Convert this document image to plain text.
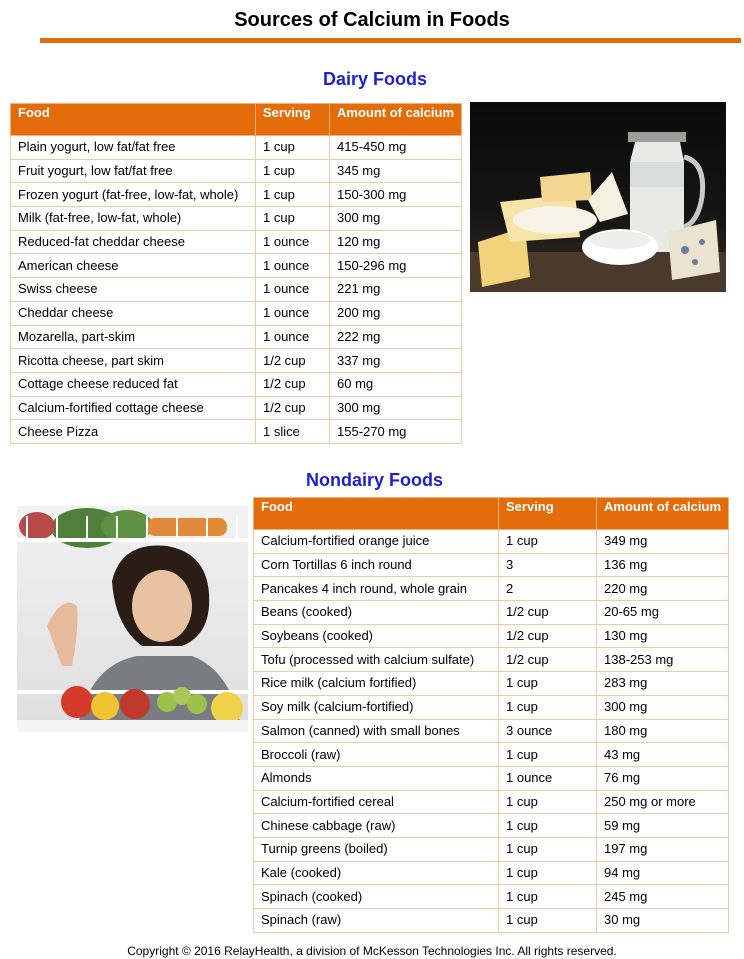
Sources of Calcium in Foods
Dairy Foods
Food	Serving	Amount of calcium
Plain yogurt, low fat/fat free	1 cup	415-450 mg
Fruit yogurt, low fat/fat free	1 cup	345 mg
Frozen yogurt (fat-free, low-fat, whole)	1 cup	150-300 mg
Milk (fat-free, low-fat, whole)	1 cup	300 mg
Reduced-fat cheddar cheese	1 ounce	120 mg
American cheese	1 ounce	150-296 mg
Swiss cheese	1 ounce	221 mg
Cheddar cheese	1 ounce	200 mg
Mozarella, part-skim	1 ounce	222 mg
Ricotta cheese, part skim	1/2 cup	337 mg
Cottage cheese reduced fat	1/2 cup	60 mg
Calcium-fortified cottage cheese	1/2 cup	300 mg
Cheese Pizza	1 slice	155-270 mg
Nondairy Foods
Food	Serving	Amount of calcium
Calcium-fortified orange juice	1 cup	349 mg
Corn Tortillas 6 inch round	3	136 mg
Pancakes 4 inch round, whole grain	2	220 mg
Beans (cooked)	1/2 cup	20-65 mg
Soybeans (cooked)	1/2 cup	130 mg
Tofu (processed with calcium sulfate)	1/2 cup	138-253 mg
Rice milk (calcium fortified)	1 cup	283 mg
Soy milk (calcium-fortified)	1 cup	300 mg
Salmon (canned) with small bones	3 ounce	180 mg
Broccoli (raw)	1 cup	43 mg
Almonds	1 ounce	76 mg
Calcium-fortified cereal	1 cup	250 mg or more
Chinese cabbage (raw)	1 cup	59 mg
Turnip greens (boiled)	1 cup	197 mg
Kale (cooked)	1 cup	94 mg
Spinach (cooked)	1 cup	245 mg
Spinach (raw)	1 cup	30 mg
Copyright © 2016 RelayHealth, a division of McKesson Technologies Inc. All rights reserved.
